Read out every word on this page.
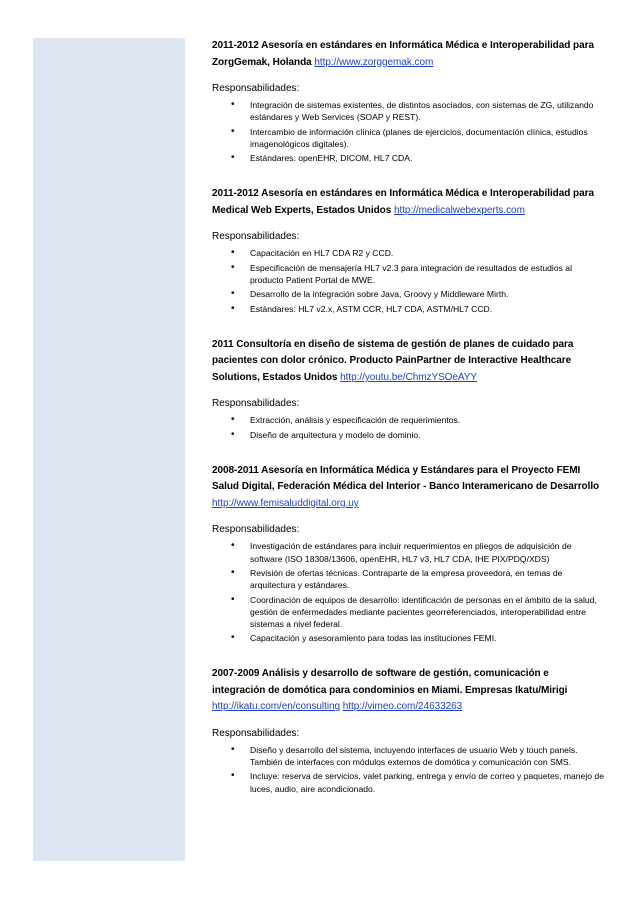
2011-2012 Asesoría en estándares en Informática Médica e Interoperabilidad para ZorgGemak, Holanda http://www.zorggemak.com
Responsabilidades:
• Integración de sistemas existentes, de distintos asociados, con sistemas de ZG, utilizando estándares y Web Services (SOAP y REST).
• Intercambio de información clínica (planes de ejercicios, documentación clínica, estudios imagenológicos digitales).
• Estándares: openEHR, DICOM, HL7 CDA.
2011-2012 Asesoría en estándares en Informática Médica e Interoperabilidad para Medical Web Experts, Estados Unidos http://medicalwebexperts.com
Responsabilidades:
• Capacitación en HL7 CDA R2 y CCD.
• Especificación de mensajería HL7 v2.3 para integración de resultados de estudios al producto Patient Portal de MWE.
• Desarrollo de la integración sobre Java, Groovy y Middleware Mirth.
• Estándares: HL7 v2.x, ASTM CCR, HL7 CDA, ASTM/HL7 CCD.
2011 Consultoría en diseño de sistema de gestión de planes de cuidado para pacientes con dolor crónico. Producto PainPartner de Interactive Healthcare Solutions, Estados Unidos http://youtu.be/ChmzYSOeAYY
Responsabilidades:
• Extracción, análisis y especificación de requerimientos.
• Diseño de arquitectura y modelo de dominio.
2008-2011 Asesoría en Informática Médica y Estándares para el Proyecto FEMI Salud Digital, Federación Médica del Interior - Banco Interamericano de Desarrollo http://www.femisaluddigital.org.uy
Responsabilidades:
• Investigación de estándares para incluir requerimientos en pliegos de adquisición de software (ISO 18308/13606, openEHR, HL7 v3, HL7 CDA, IHE PIX/PDQ/XDS)
• Revisión de ofertas técnicas. Contraparte de la empresa proveedora, en temas de arquitectura y estándares.
• Coordinación de equipos de desarrollo: identificación de personas en el ámbito de la salud, gestión de enfermedades mediante pacientes georreferenciados, interoperabilidad entre sistemas a nivel federal.
• Capacitación y asesoramiento para todas las instituciones FEMI.
2007-2009 Análisis y desarrollo de software de gestión, comunicación e integración de domótica para condominios en Miami. Empresas Ikatu/Mirigi http://ikatu.com/en/consulting http://vimeo.com/24633263
Responsabilidades:
• Diseño y desarrollo del sistema, incluyendo interfaces de usuario Web y touch panels. También de interfaces con módulos externos de domótica y comunicación con SMS.
• Incluye: reserva de servicios, valet parking, entrega y envío de correo y paquetes, manejo de luces, audio, aire acondicionado.
